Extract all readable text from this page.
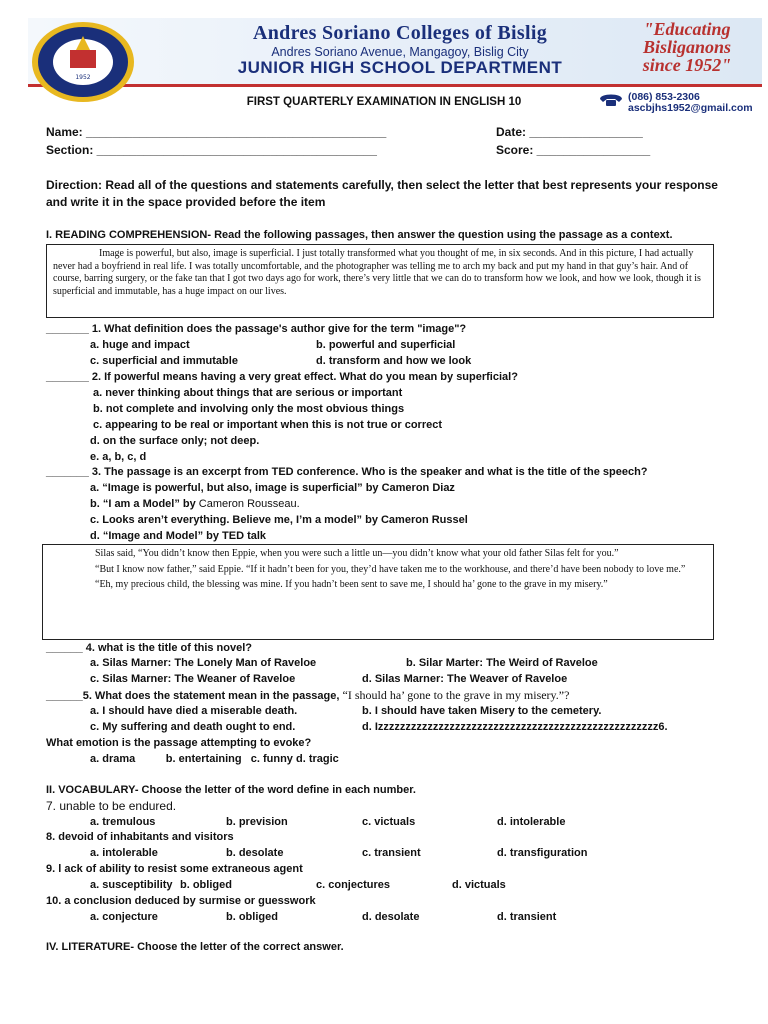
1952
Andres Soriano Colleges of Bislig
Andres Soriano Avenue, Mangagoy, Bislig City
JUNIOR HIGH SCHOOL DEPARTMENT
"Educating
Bisliganons
since 1952"
(086) 853-2306
ascbjhs1952@gmail.com
FIRST QUARTERLY EXAMINATION IN ENGLISH 10
Name: _____________________________________________	Date: _________________
Section: __________________________________________	Score: _________________
Direction: Read all of the questions and statements carefully, then select the letter that best represents your response and write it in the space provided before the item
I. READING COMPREHENSION- Read the following passages, then answer the question using the passage as a context.

Image is powerful, but also, image is superficial. I just totally transformed what you thought of me, in six seconds. And in this picture, I had actually never had a boyfriend in real life. I was totally uncomfortable, and the photographer was telling me to arch my back and put my hand in that guy’s hair. And of course, barring surgery, or the fake tan that I got two days ago for work, there’s very little that we can do to transform how we look, and how we look, though it is superficial and immutable, has a huge impact on our lives.

_______ 1. What definition does the passage's author give for the term "image"?
a. huge and impact	b. powerful and superficial
c. superficial and immutable	d. transform and how we look
_______ 2. If powerful means having a very great effect. What do you mean by superficial?
a. never thinking about things that are serious or important
b. not complete and involving only the most obvious things
c. appearing to be real or important when this is not true or correct
d. on the surface only; not deep.
e. a, b, c, d
_______ 3. The passage is an excerpt from TED conference. Who is the speaker and what is the title of the speech?
a. “Image is powerful, but also, image is superficial” by Cameron Diaz
b. “I am a Model” by Cameron Rousseau.
c. Looks aren’t everything. Believe me, I’m a model” by Cameron Russel
d. “Image and Model” by TED talk

Silas said, “You didn’t know then Eppie, when you were such a little un—you didn’t know what your old father Silas felt for you.”

“But I know now father,” said Eppie. “If it hadn’t been for you, they’d have taken me to the workhouse, and there’d have been nobody to love me.”

“Eh, my precious child, the blessing was mine. If you hadn’t been sent to save me, I should ha’ gone to the grave in my misery.”

______ 4. what is the title of this novel?
a. Silas Marner: The Lonely Man of Raveloe	b. Silar Marter: The Weird of Raveloe
c. Silas Marner: The Weaner of Raveloe	d. Silas Marner: The Weaver of Raveloe
______5. What does the statement mean in the passage, “I should ha’ gone to the grave in my misery.”?
a. I should have died a miserable death.	b. I should have taken Misery to the cemetery.
c. My suffering and death ought to end.	d. Izzzzzzzzzzzzzzzzzzzzzzzzzzzzzzzzzzzzzzzzzzzzzzzzzzz6.
What emotion is the passage attempting to evoke?
a. drama          b. entertaining   c. funny d. tragic
II. VOCABULARY- Choose the letter of the word define in each number.
7. unable to be endured.
a. tremulous	b. prevision	c. victuals	d. intolerable
8. devoid of inhabitants and visitors
a. intolerable	b. desolate	c. transient	d. transfiguration
9. l ack of ability to resist some extraneous agent
a. susceptibility b. obliged	c. conjectures	d. victuals
10. a conclusion deduced by surmise or guesswork
a. conjecture	b. obliged	d. desolate	d. transient
IV. LITERATURE- Choose the letter of the correct answer.
